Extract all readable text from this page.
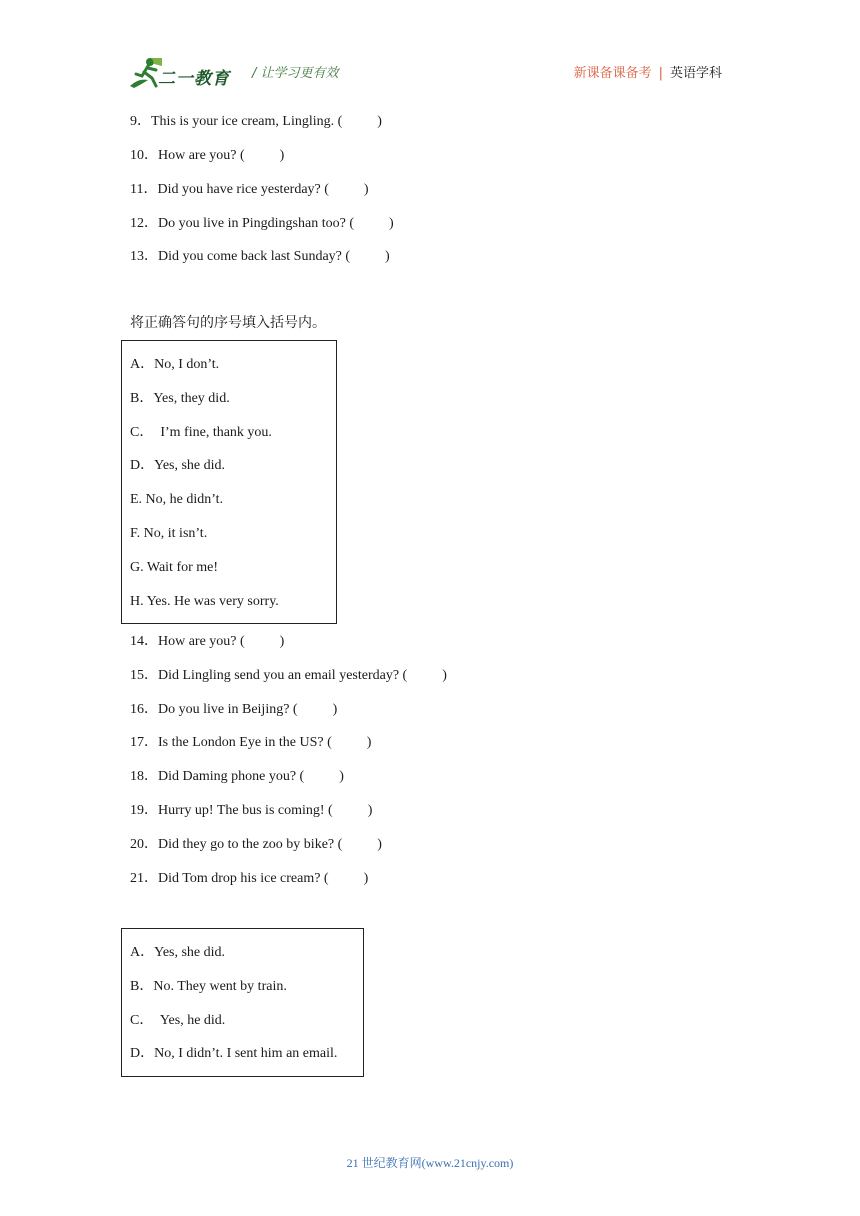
二一教育 / 让学习更有效	新课备课备考 | 英语学科
9．This is your ice cream, Lingling. (          )
10．How are you? (          )
11．Did you have rice yesterday? (          )
12．Do you live in Pingdingshan too? (          )
13．Did you come back last Sunday? (          )
将正确答句的序号填入括号内。
A．No, I don’t.
B．Yes, they did.
C．  I’m fine, thank you.
D．Yes, she did.
E. No, he didn’t.
F. No, it isn’t.
G. Wait for me!
H. Yes. He was very sorry.
14．How are you? (          )
15．Did Lingling send you an email yesterday? (          )
16．Do you live in Beijing? (          )
17．Is the London Eye in the US? (          )
18．Did Daming phone you? (          )
19．Hurry up! The bus is coming! (          )
20．Did they go to the zoo by bike? (          )
21．Did Tom drop his ice cream? (          )
A．Yes, she did.
B．No. They went by train.
C．  Yes, he did.
D．No, I didn’t. I sent him an email.
21 世纪教育网(www.21cnjy.com)
